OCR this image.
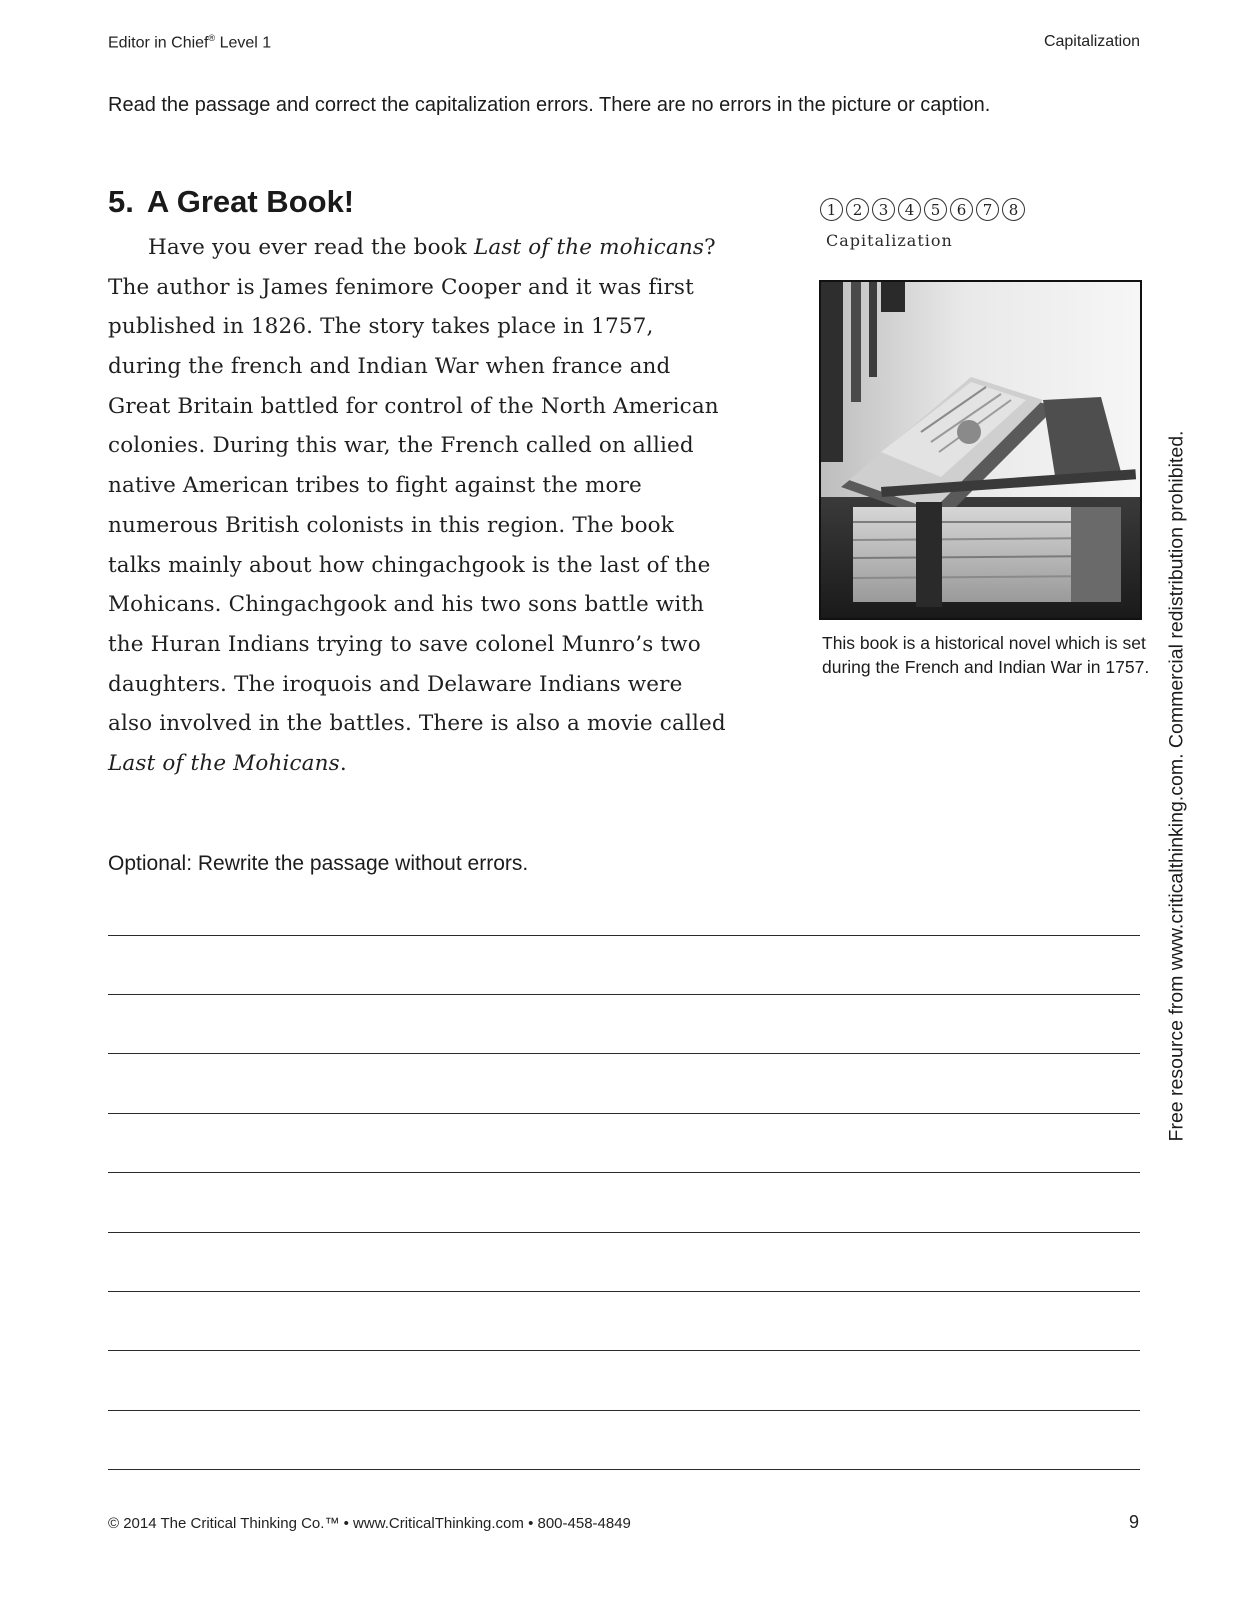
Editor in Chief® Level 1	Capitalization
Read the passage and correct the capitalization errors. There are no errors in the picture or caption.
5. A Great Book!
Have you ever read the book Last of the mohicans?
The author is James fenimore Cooper and it was first
published in 1826. The story takes place in 1757,
during the french and Indian War when france and
Great Britain battled for control of the North American
colonies. During this war, the French called on allied
native American tribes to fight against the more
numerous British colonists in this region. The book
talks mainly about how chingachgook is the last of the
Mohicans. Chingachgook and his two sons battle with
the Huran Indians trying to save colonel Munro’s two
daughters. The iroquois and Delaware Indians were
also involved in the battles. There is also a movie called
Last of the Mohicans.
1	2	3	4	5	6	7	8
Capitalization
This book is a historical novel which is set during the French and Indian War in 1757.
Optional: Rewrite the passage without errors.	Free resource from www.criticalthinking.com. Commercial redistribution prohibited.
© 2014 The Critical Thinking Co.™ • www.CriticalThinking.com • 800-458-4849	9
